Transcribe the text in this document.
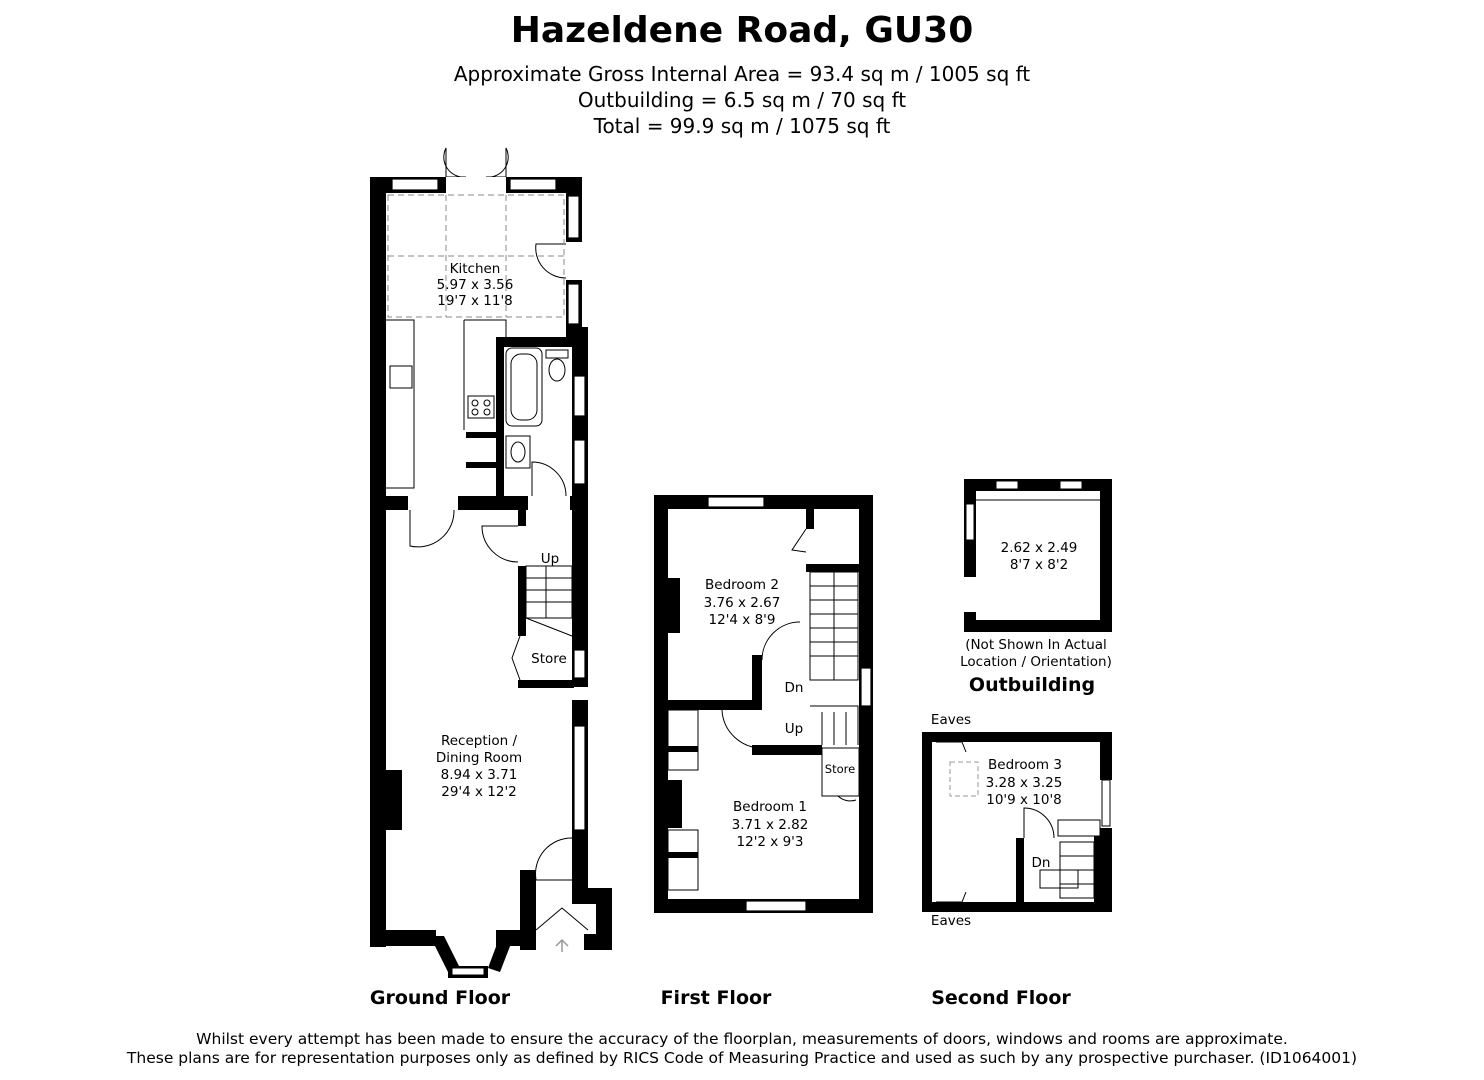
Hazeldene Road, GU30
Approximate Gross Internal Area = 93.4 sq m / 1005 sq ft
Outbuilding = 6.5 sq m / 70 sq ft
Total = 99.9 sq m / 1075 sq ft
Kitchen
5.97 x 3.56
19'7 x 11'8
Up
Store
Reception /
Dining Room
8.94 x 3.71
29'4 x 12'2
Ground Floor
Bedroom 2
3.76 x 2.67
12'4 x 8'9
Dn
Up
Store
Bedroom 1
3.71 x 2.82
12'2 x 9'3
First Floor
2.62 x 2.49
8'7 x 8'2
(Not Shown In Actual
Location / Orientation)
Outbuilding
Eaves
Eaves
Bedroom 3
3.28 x 3.25
10'9 x 10'8
Dn
Second Floor
Whilst every attempt has been made to ensure the accuracy of the floorplan, measurements of doors, windows and rooms are approximate.
These plans are for representation purposes only as defined by RICS Code of Measuring Practice and used as such by any prospective purchaser. (ID1064001)
